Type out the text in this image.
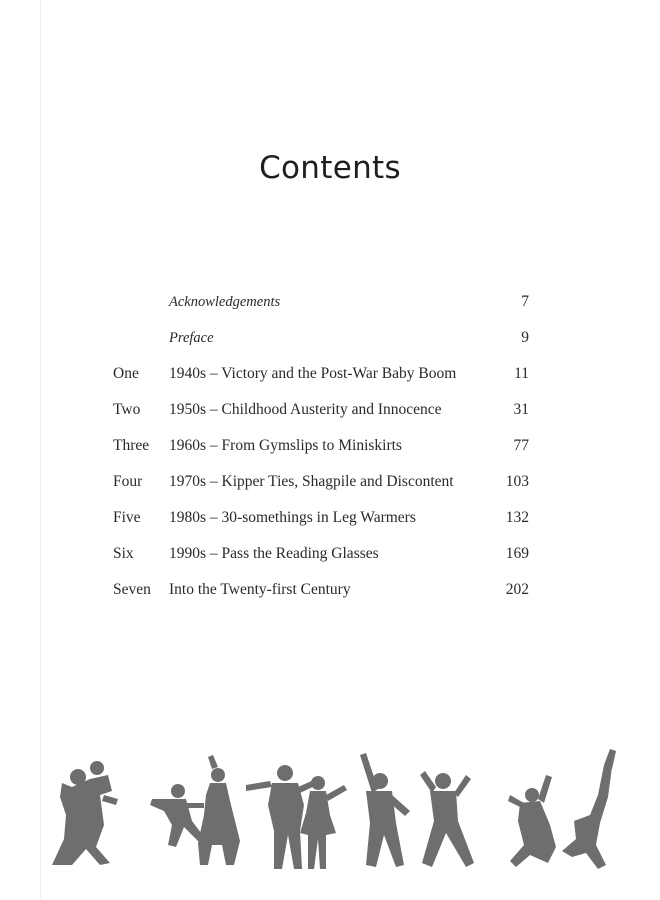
Contents
Acknowledgements	7
Preface	9
One 1940s – Victory and the Post-War Baby Boom	11
Two 1950s – Childhood Austerity and Innocence	31
Three 1960s – From Gymslips to Miniskirts	77
Four 1970s – Kipper Ties, Shagpile and Discontent	103
Five 1980s – 30-somethings in Leg Warmers	132
Six 1990s – Pass the Reading Glasses	169
Seven Into the Twenty-first Century	202
